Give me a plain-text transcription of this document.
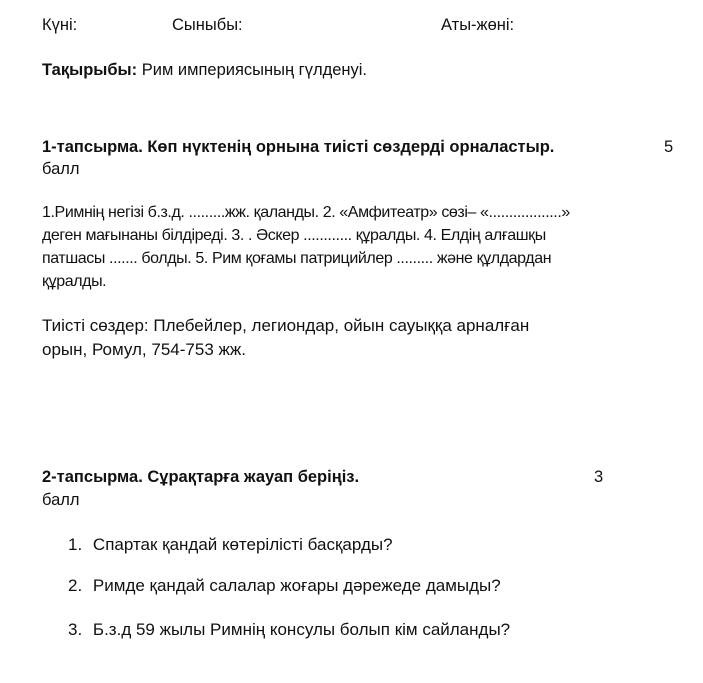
Күні:	Сыныбы:	Аты-жөні:
Тақырыбы: Рим империясының гүлденуі.
1-тапсырма. Көп нүктенің орнына тиісті сөздерді орналастыр.	5
балл
1.Римнің негізі б.з.д. .........жж. қаланды. 2. «Амфитеатр» сөзі– «..................»
деген мағынаны білдіреді. 3. . Әскер ............ құралды. 4. Елдің алғашқы
патшасы ....... болды. 5. Рим қоғамы патрицийлер ......... және құлдардан
құралды.
Тиісті сөздер: Плебейлер, легиондар, ойын сауыққа арналған
орын, Ромул, 754-753 жж.
2-тапсырма. Сұрақтарға жауап беріңіз.	3
балл
1. Спартак қандай көтерілісті басқарды?
2. Римде қандай салалар жоғары дәрежеде дамыды?
3. Б.з.д 59 жылы Римнің консулы болып кім сайланды?
